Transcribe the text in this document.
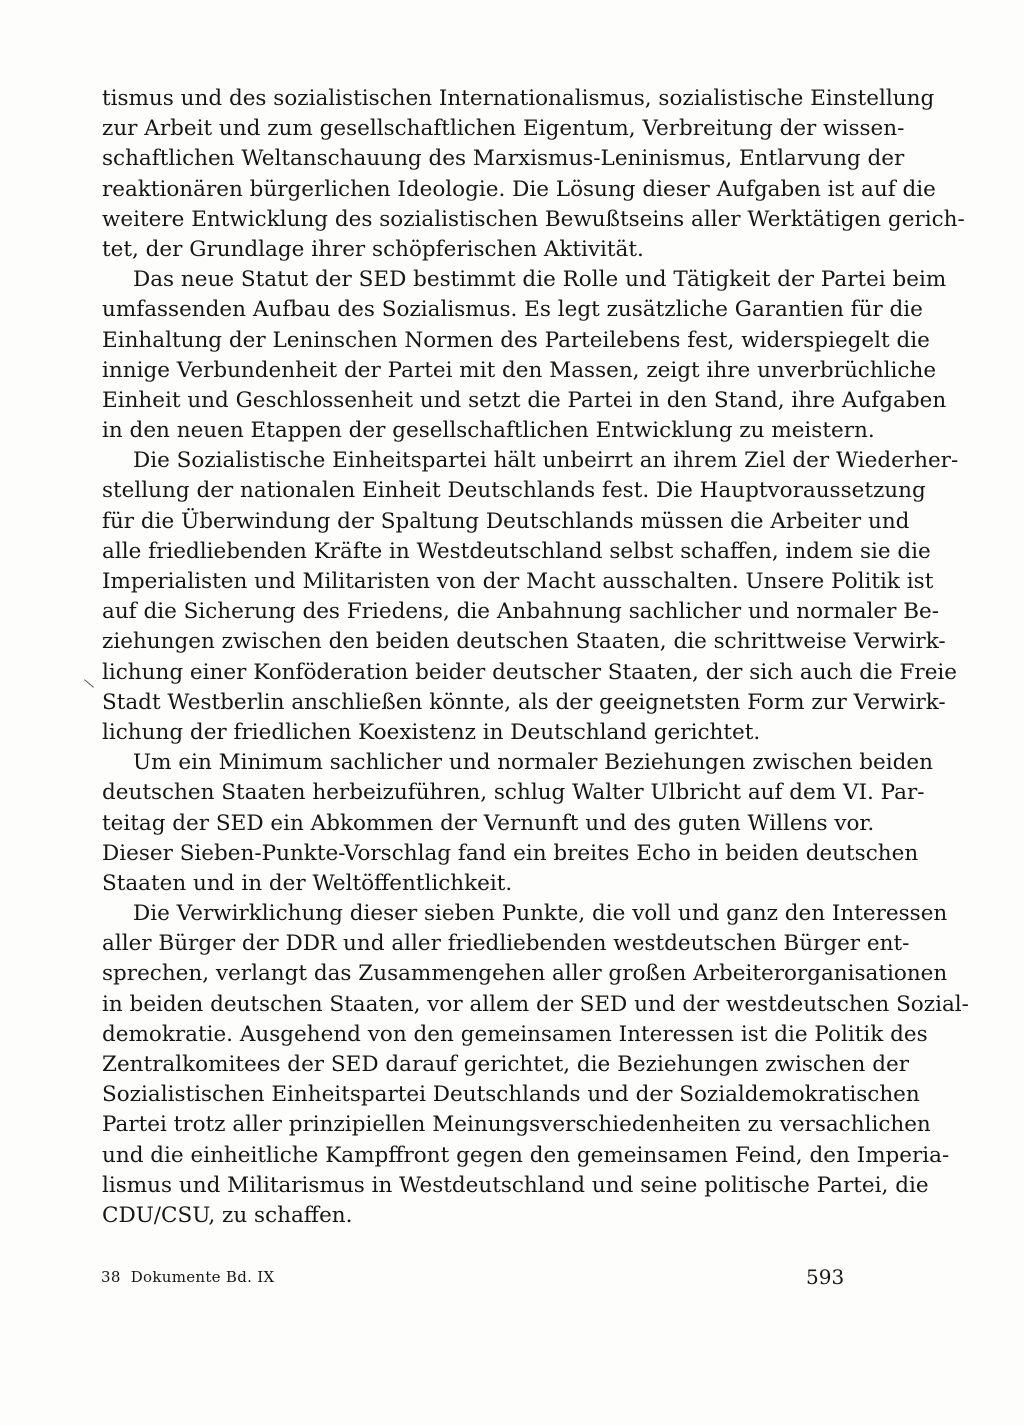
tismus und des sozialistischen Internationalismus, sozialistische Einstellung
zur Arbeit und zum gesellschaftlichen Eigentum, Verbreitung der wissen-
schaftlichen Weltanschauung des Marxismus-Leninismus, Entlarvung der
reaktionären bürgerlichen Ideologie. Die Lösung dieser Aufgaben ist auf die
weitere Entwicklung des sozialistischen Bewußtseins aller Werktätigen gerich-
tet, der Grundlage ihrer schöpferischen Aktivität.
Das neue Statut der SED bestimmt die Rolle und Tätigkeit der Partei beim
umfassenden Aufbau des Sozialismus. Es legt zusätzliche Garantien für die
Einhaltung der Leninschen Normen des Parteilebens fest, widerspiegelt die
innige Verbundenheit der Partei mit den Massen, zeigt ihre unverbrüchliche
Einheit und Geschlossenheit und setzt die Partei in den Stand, ihre Aufgaben
in den neuen Etappen der gesellschaftlichen Entwicklung zu meistern.
Die Sozialistische Einheitspartei hält unbeirrt an ihrem Ziel der Wiederher-
stellung der nationalen Einheit Deutschlands fest. Die Hauptvoraussetzung
für die Überwindung der Spaltung Deutschlands müssen die Arbeiter und
alle friedliebenden Kräfte in Westdeutschland selbst schaffen, indem sie die
Imperialisten und Militaristen von der Macht ausschalten. Unsere Politik ist
auf die Sicherung des Friedens, die Anbahnung sachlicher und normaler Be-
ziehungen zwischen den beiden deutschen Staaten, die schrittweise Verwirk-
lichung einer Konföderation beider deutscher Staaten, der sich auch die Freie
Stadt Westberlin anschließen könnte, als der geeignetsten Form zur Verwirk-
lichung der friedlichen Koexistenz in Deutschland gerichtet.
Um ein Minimum sachlicher und normaler Beziehungen zwischen beiden
deutschen Staaten herbeizuführen, schlug Walter Ulbricht auf dem VI. Par-
teitag der SED ein Abkommen der Vernunft und des guten Willens vor.
Dieser Sieben-Punkte-Vorschlag fand ein breites Echo in beiden deutschen
Staaten und in der Weltöffentlichkeit.
Die Verwirklichung dieser sieben Punkte, die voll und ganz den Interessen
aller Bürger der DDR und aller friedliebenden westdeutschen Bürger ent-
sprechen, verlangt das Zusammengehen aller großen Arbeiterorganisationen
in beiden deutschen Staaten, vor allem der SED und der westdeutschen Sozial-
demokratie. Ausgehend von den gemeinsamen Interessen ist die Politik des
Zentralkomitees der SED darauf gerichtet, die Beziehungen zwischen der
Sozialistischen Einheitspartei Deutschlands und der Sozialdemokratischen
Partei trotz aller prinzipiellen Meinungsverschiedenheiten zu versachlichen
und die einheitliche Kampffront gegen den gemeinsamen Feind, den Imperia-
lismus und Militarismus in Westdeutschland und seine politische Partei, die
CDU/CSU, zu schaffen.
38 Dokumente Bd. IX	593
